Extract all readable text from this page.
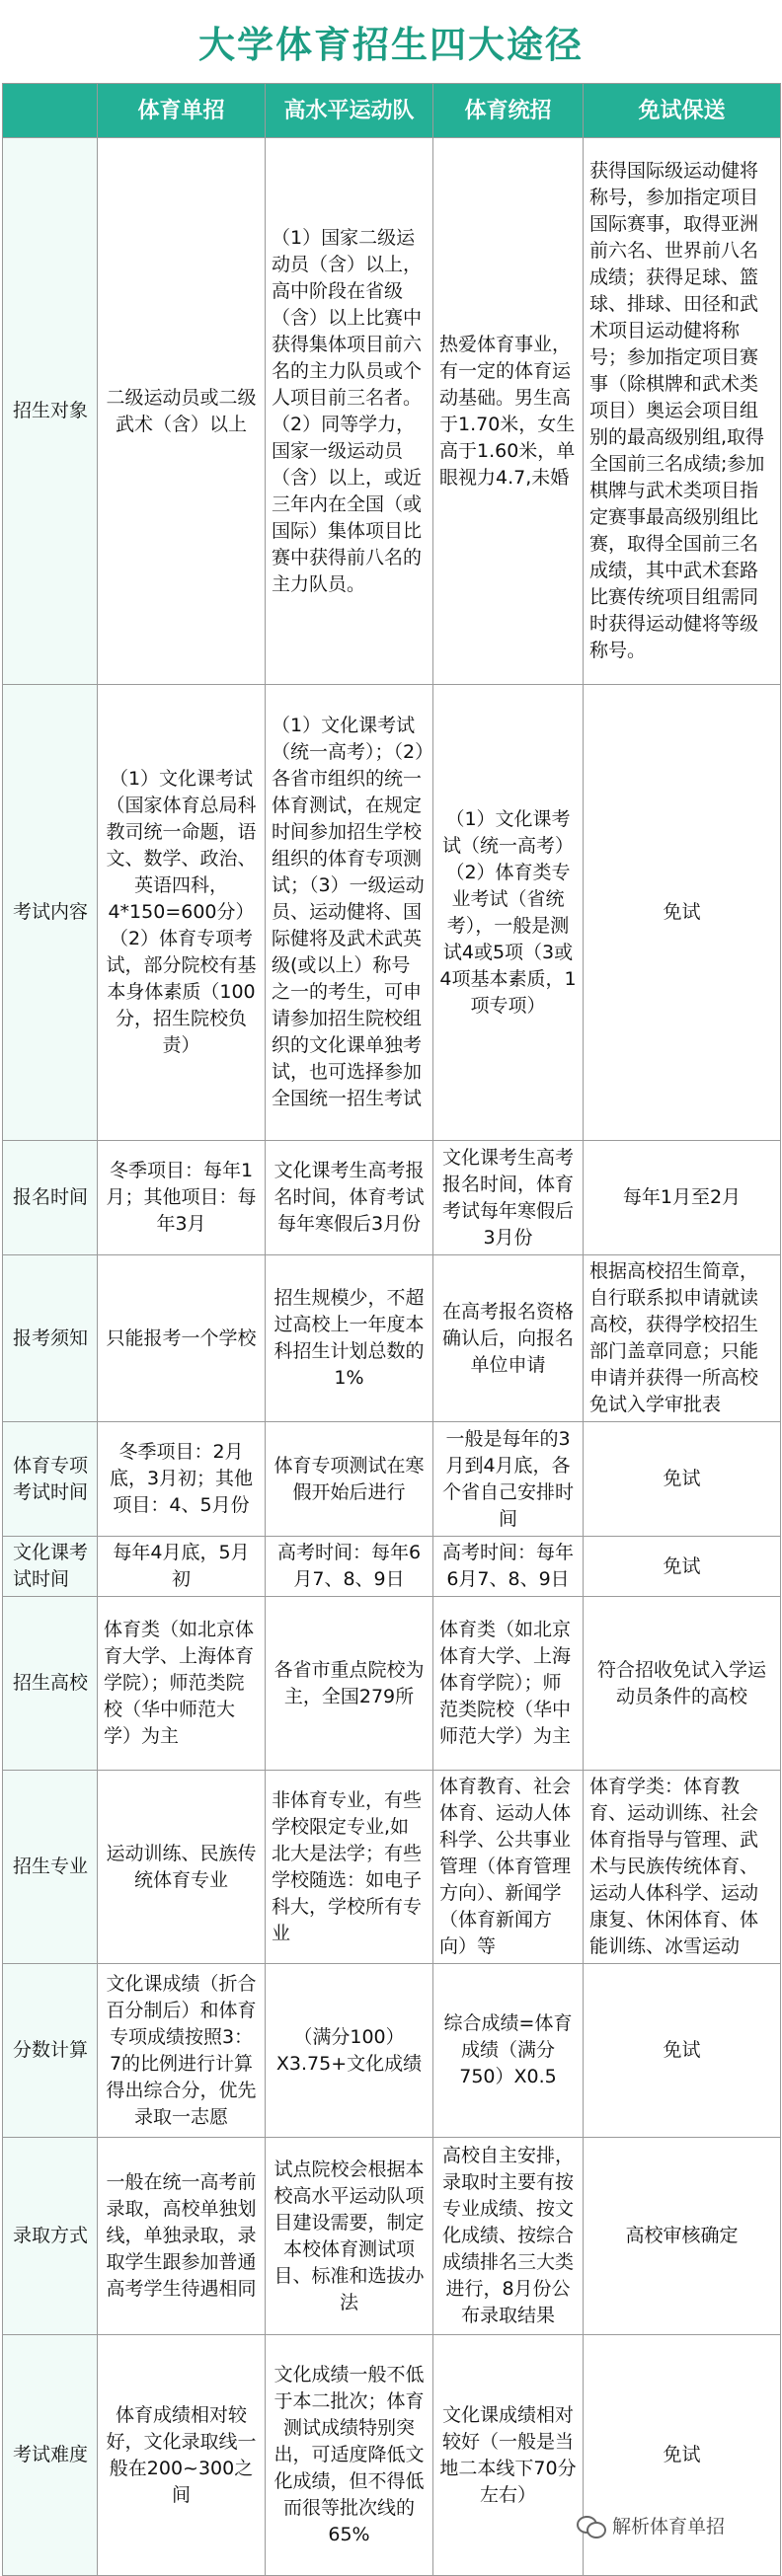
大学体育招生四大途径
	体育单招	高水平运动队	体育统招	免试保送
招生对象	二级运动员或二级武术（含）以上	（1）国家二级运动员（含）以上，高中阶段在省级（含）以上比赛中获得集体项目前六名的主力队员或个人项目前三名者。（2）同等学力，国家一级运动员（含）以上，或近三年内在全国（或国际）集体项目比赛中获得前八名的主力队员。	热爱体育事业，有一定的体育运动基础。男生高于1.70米，女生高于1.60米，单眼视力4.7,未婚	获得国际级运动健将称号，参加指定项目国际赛事，取得亚洲前六名、世界前八名成绩；获得足球、篮球、排球、田径和武术项目运动健将称号；参加指定项目赛事（除棋牌和武术类项目）奥运会项目组别的最高级别组,取得全国前三名成绩;参加棋牌与武术类项目指定赛事最高级别组比赛，取得全国前三名成绩，其中武术套路比赛传统项目组需同时获得运动健将等级称号。
考试内容	（1）文化课考试（国家体育总局科教司统一命题，语文、数学、政治、英语四科，4*150=600分）（2）体育专项考试，部分院校有基本身体素质（100分，招生院校负责）	（1）文化课考试（统一高考）；（2）各省市组织的统一体育测试，在规定时间参加招生学校组织的体育专项测试；（3）一级运动员、运动健将、国际健将及武术武英级(或以上）称号之一的考生，可申请参加招生院校组织的文化课单独考试，也可选择参加全国统一招生考试	（1）文化课考试（统一高考）（2）体育类专业考试（省统考），一般是测试4或5项（3或4项基本素质，1项专项）	免试
报名时间	冬季项目：每年1月；其他项目：每年3月	文化课考生高考报名时间，体育考试每年寒假后3月份	文化课考生高考报名时间，体育考试每年寒假后3月份	每年1月至2月
报考须知	只能报考一个学校	招生规模少，不超过高校上一年度本科招生计划总数的1%	在高考报名资格确认后，向报名单位申请	根据高校招生简章，自行联系拟申请就读高校，获得学校招生部门盖章同意；只能申请并获得一所高校免试入学审批表
体育专项考试时间	冬季项目：2月底，3月初；其他项目：4、5月份	体育专项测试在寒假开始后进行	一般是每年的3月到4月底，各个省自己安排时间	免试
文化课考试时间	每年4月底，5月初	高考时间：每年6月7、8、9日	高考时间：每年6月7、8、9日	免试
招生高校	体育类（如北京体育大学、上海体育学院）；师范类院校（华中师范大学）为主	各省市重点院校为主，全国279所	体育类（如北京体育大学、上海体育学院）；师范类院校（华中师范大学）为主	符合招收免试入学运动员条件的高校
招生专业	运动训练、民族传统体育专业	非体育专业，有些学校限定专业,如北大是法学；有些学校随选：如电子科大，学校所有专业	体育教育、社会体育、运动人体科学、公共事业管理（体育管理方向）、新闻学（体育新闻方向）等	体育学类：体育教育、运动训练、社会体育指导与管理、武术与民族传统体育、运动人体科学、运动康复、休闲体育、体能训练、冰雪运动
分数计算	文化课成绩（折合百分制后）和体育专项成绩按照3：7的比例进行计算得出综合分，优先录取一志愿	（满分100）X3.75+文化成绩	综合成绩=体育成绩（满分750）X0.5	免试
录取方式	一般在统一高考前录取，高校单独划线，单独录取，录取学生跟参加普通高考学生待遇相同	试点院校会根据本校高水平运动队项目建设需要，制定本校体育测试项目、标准和选拔办法	高校自主安排，录取时主要有按专业成绩、按文化成绩、按综合成绩排名三大类进行，8月份公布录取结果	高校审核确定
考试难度	体育成绩相对较好，文化录取线一般在200~300之间	文化成绩一般不低于本二批次；体育测试成绩特别突出，可适度降低文化成绩，但不得低而很等批次线的65%	文化课成绩相对较好（一般是当地二本线下70分左右）	免试
解析体育单招
